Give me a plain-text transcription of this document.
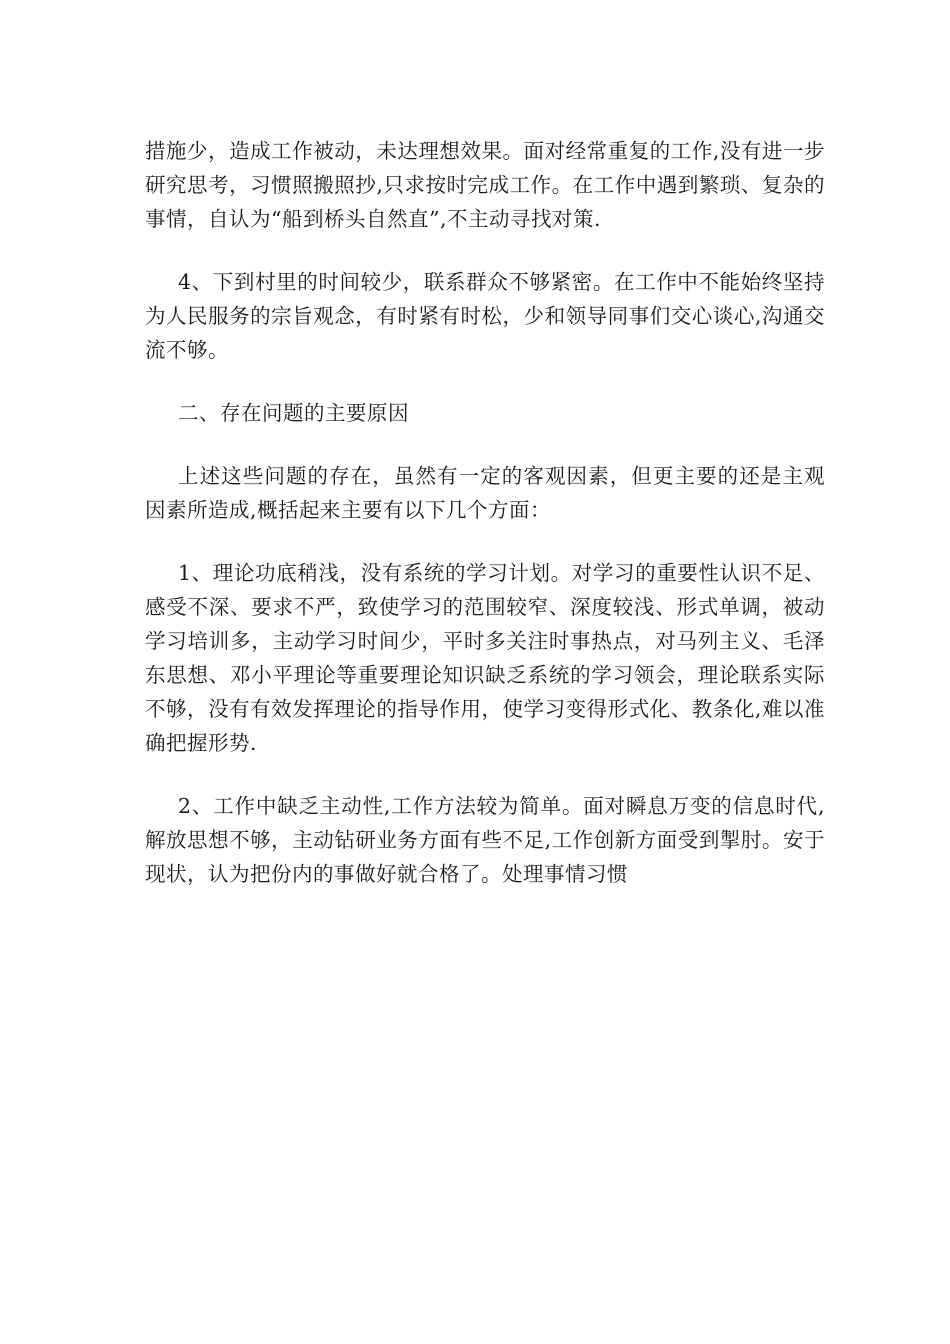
措施少，造成工作被动，未达理想效果。面对经常重复的工作,没有进一步研究思考，习惯照搬照抄,只求按时完成工作。在工作中遇到繁琐、复杂的事情，自认为“船到桥头自然直”,不主动寻找对策.

4、下到村里的时间较少，联系群众不够紧密。在工作中不能始终坚持为人民服务的宗旨观念，有时紧有时松，少和领导同事们交心谈心,沟通交流不够。

二、存在问题的主要原因

上述这些问题的存在，虽然有一定的客观因素，但更主要的还是主观因素所造成,概括起来主要有以下几个方面：

1、理论功底稍浅，没有系统的学习计划。对学习的重要性认识不足、感受不深、要求不严，致使学习的范围较窄、深度较浅、形式单调，被动学习培训多，主动学习时间少，平时多关注时事热点，对马列主义、毛泽东思想、邓小平理论等重要理论知识缺乏系统的学习领会，理论联系实际不够，没有有效发挥理论的指导作用，使学习变得形式化、教条化,难以准确把握形势.

2、工作中缺乏主动性,工作方法较为简单。面对瞬息万变的信息时代,解放思想不够，主动钻研业务方面有些不足,工作创新方面受到掣肘。安于现状，认为把份内的事做好就合格了。处理事情习惯
